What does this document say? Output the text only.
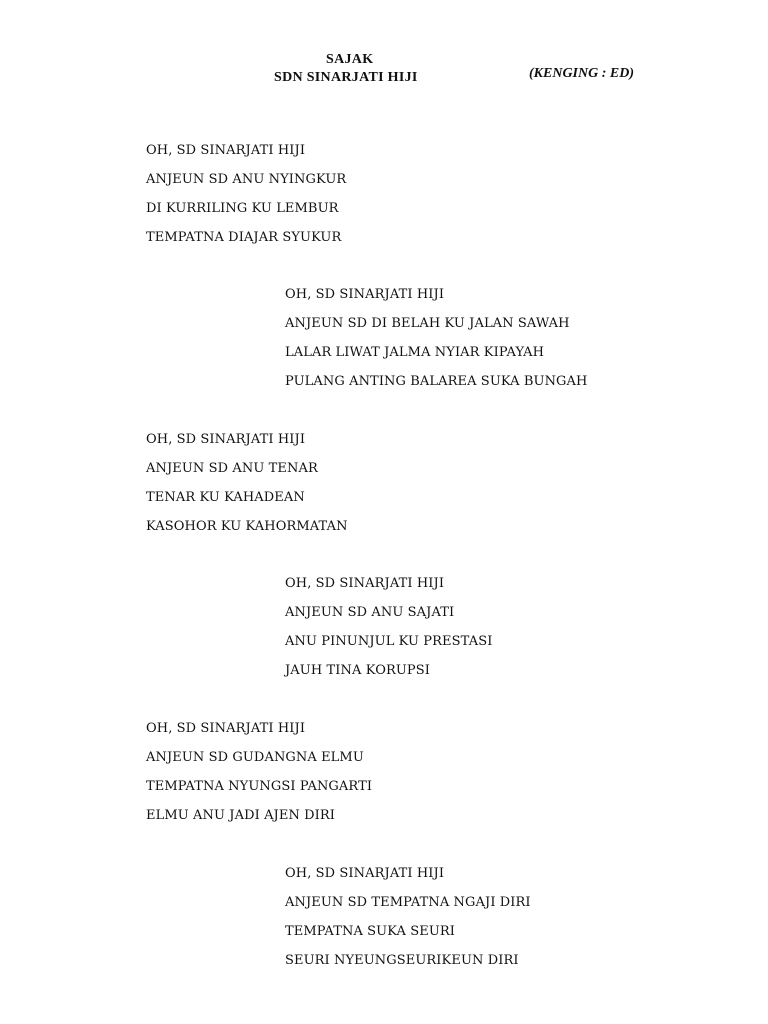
SAJAK
SDN SINARJATI HIJI	(KENGING : ED)
OH, SD SINARJATI HIJI
ANJEUN SD ANU NYINGKUR
DI KURRILING KU LEMBUR
TEMPATNA DIAJAR SYUKUR
OH, SD SINARJATI HIJI
ANJEUN SD DI BELAH KU JALAN SAWAH
LALAR LIWAT JALMA NYIAR KIPAYAH
PULANG ANTING BALAREA SUKA BUNGAH
OH, SD SINARJATI HIJI
ANJEUN SD ANU TENAR
TENAR KU KAHADEAN
KASOHOR KU KAHORMATAN
OH, SD SINARJATI HIJI
ANJEUN SD ANU SAJATI
ANU PINUNJUL KU PRESTASI
JAUH TINA KORUPSI
OH, SD SINARJATI HIJI
ANJEUN SD GUDANGNA ELMU
TEMPATNA NYUNGSI PANGARTI
ELMU ANU JADI AJEN DIRI
OH, SD SINARJATI HIJI
ANJEUN SD TEMPATNA NGAJI DIRI
TEMPATNA SUKA SEURI
SEURI NYEUNGSEURIKEUN DIRI
